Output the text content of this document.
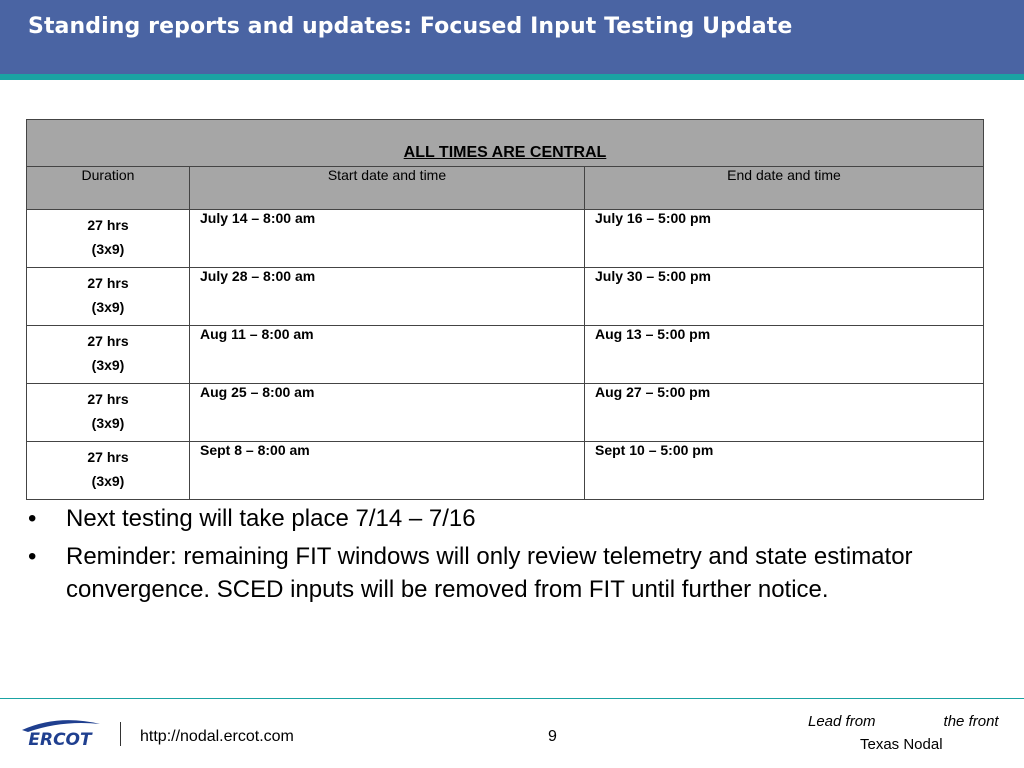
Standing reports and updates: Focused Input Testing Update
ALL TIMES ARE CENTRAL		
Duration	Start date and time	End date and time

27 hrs
(3x9)	July 14 – 8:00 am	July 16 – 5:00 pm

27 hrs
(3x9)	July 28 – 8:00 am	July 30 – 5:00 pm

27 hrs
(3x9)	Aug 11 – 8:00 am	Aug 13 – 5:00 pm

27 hrs
(3x9)	Aug 25 – 8:00 am	Aug 27 – 5:00 pm

27 hrs
(3x9)	Sept 8 – 8:00 am	Sept 10 – 5:00 pm
• Next testing will take place 7/14 – 7/16
• Reminder: remaining FIT windows will only review telemetry and state estimator convergence. SCED inputs will be removed from FIT until further notice.
ERCOT	http://nodal.ercot.com	9
Lead from	the front
Texas Nodal
